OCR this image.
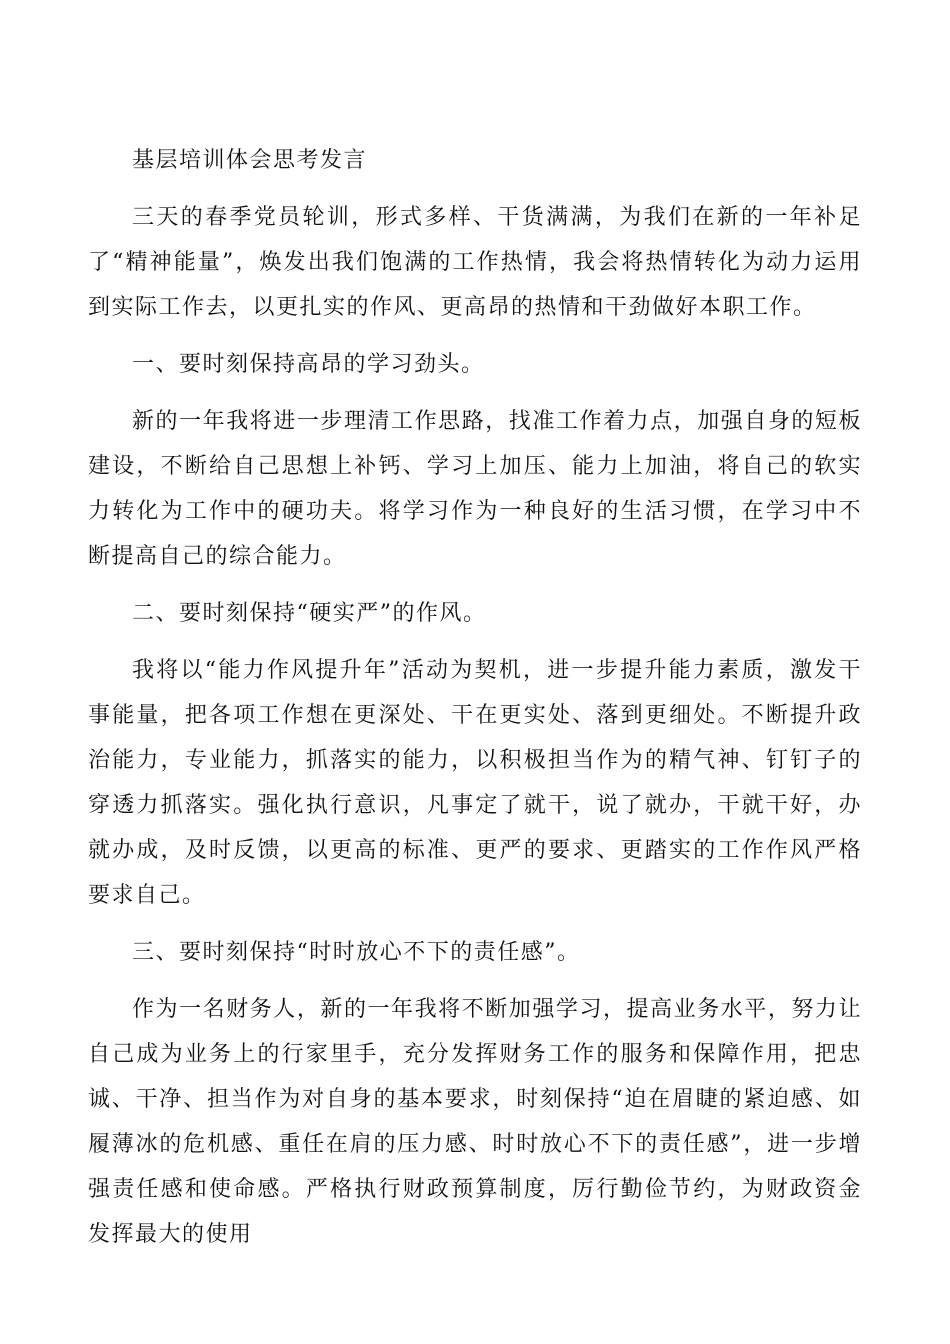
基层培训体会思考发言

三天的春季党员轮训，形式多样、干货满满，为我们在新的一年补足了“精神能量”，焕发出我们饱满的工作热情，我会将热情转化为动力运用到实际工作去，以更扎实的作风、更高昂的热情和干劲做好本职工作。

一、要时刻保持高昂的学习劲头。

新的一年我将进一步理清工作思路，找准工作着力点，加强自身的短板建设，不断给自己思想上补钙、学习上加压、能力上加油，将自己的软实力转化为工作中的硬功夫。将学习作为一种良好的生活习惯，在学习中不断提高自己的综合能力。

二、要时刻保持“硬实严”的作风。

我将以“能力作风提升年”活动为契机，进一步提升能力素质，激发干事能量，把各项工作想在更深处、干在更实处、落到更细处。不断提升政治能力，专业能力，抓落实的能力，以积极担当作为的精气神、钉钉子的穿透力抓落实。强化执行意识，凡事定了就干，说了就办，干就干好，办就办成，及时反馈，以更高的标准、更严的要求、更踏实的工作作风严格要求自己。

三、要时刻保持“时时放心不下的责任感”。

作为一名财务人，新的一年我将不断加强学习，提高业务水平，努力让自己成为业务上的行家里手，充分发挥财务工作的服务和保障作用，把忠诚、干净、担当作为对自身的基本要求，时刻保持“迫在眉睫的紧迫感、如履薄冰的危机感、重任在肩的压力感、时时放心不下的责任感”，进一步增强责任感和使命感。严格执行财政预算制度，厉行勤俭节约，为财政资金发挥最大的使用
